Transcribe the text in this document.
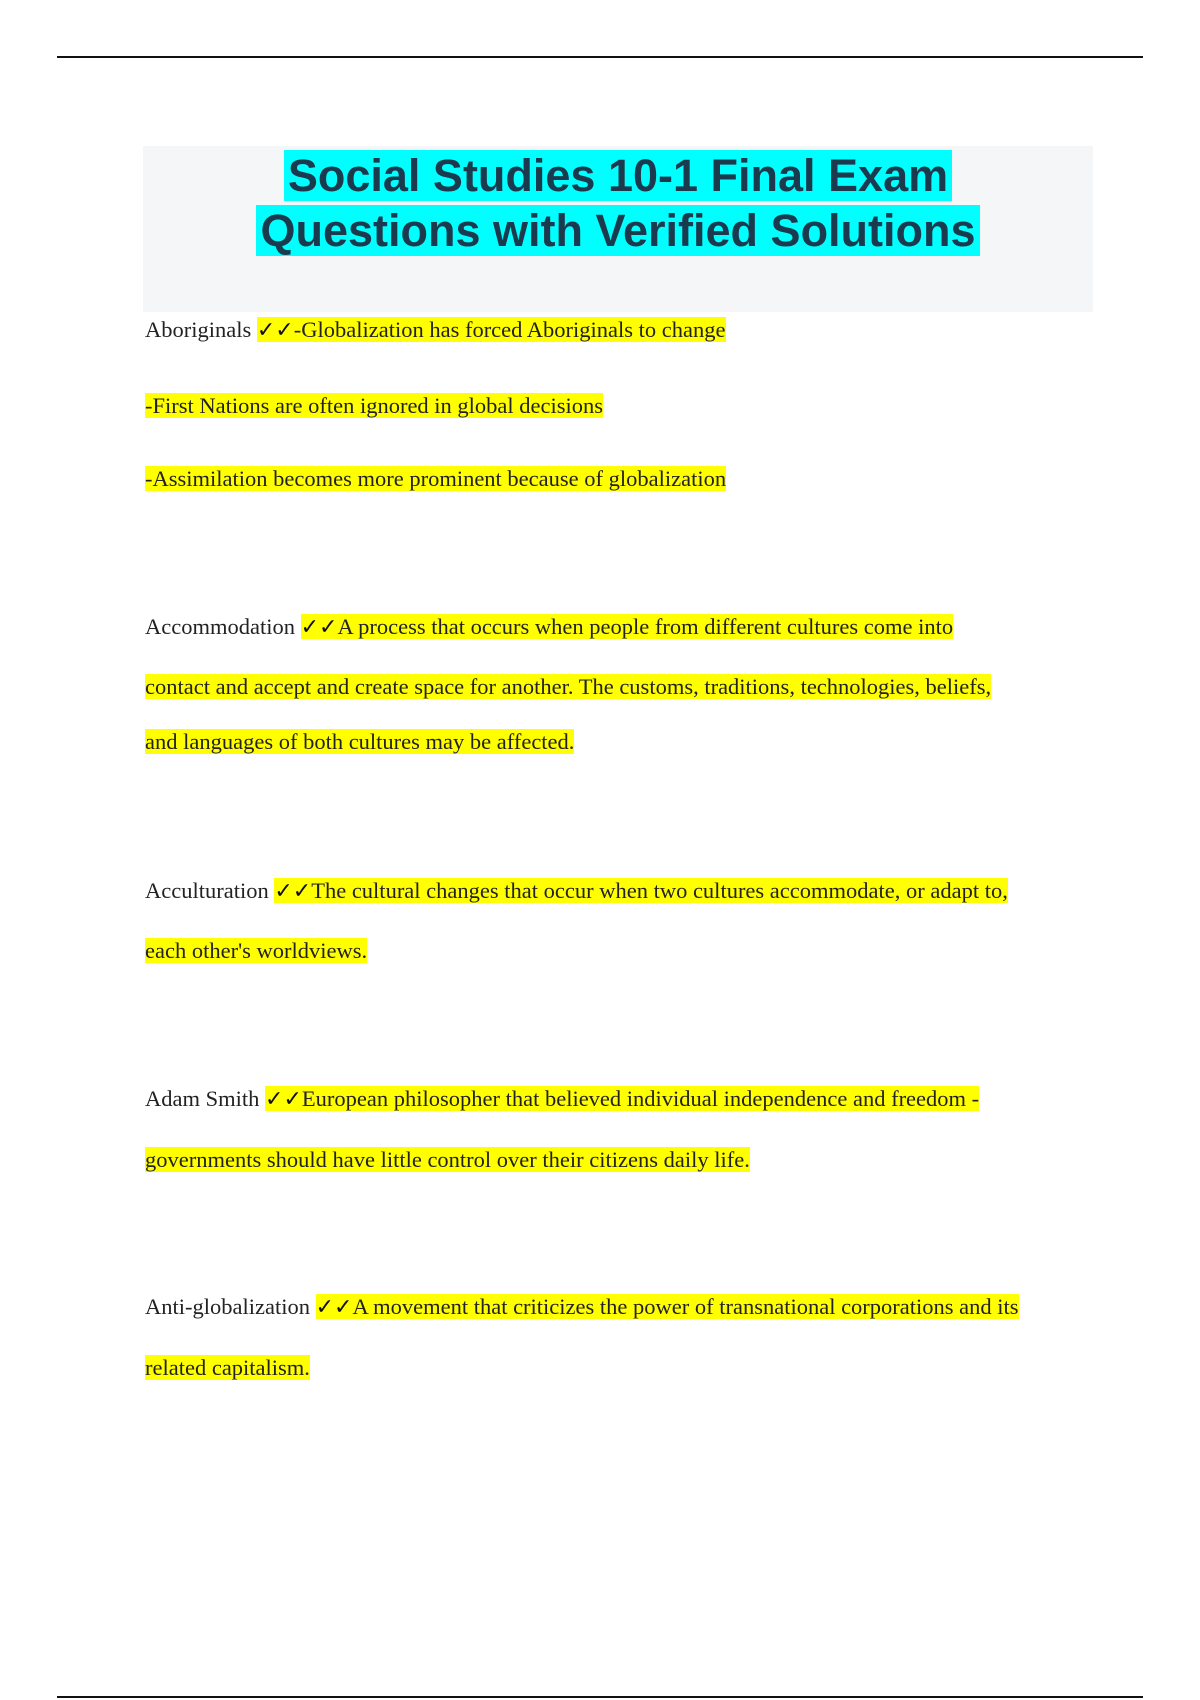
Social Studies 10-1 Final Exam
Questions with Verified Solutions
Aboriginals ✓✓-Globalization has forced Aboriginals to change
-First Nations are often ignored in global decisions
-Assimilation becomes more prominent because of globalization
Accommodation ✓✓A process that occurs when people from different cultures come into
contact and accept and create space for another. The customs, traditions, technologies, beliefs,
and languages of both cultures may be affected.
Acculturation ✓✓The cultural changes that occur when two cultures accommodate, or adapt to,
each other's worldviews.
Adam Smith ✓✓European philosopher that believed individual independence and freedom -
governments should have little control over their citizens daily life.
Anti-globalization ✓✓A movement that criticizes the power of transnational corporations and its
related capitalism.
